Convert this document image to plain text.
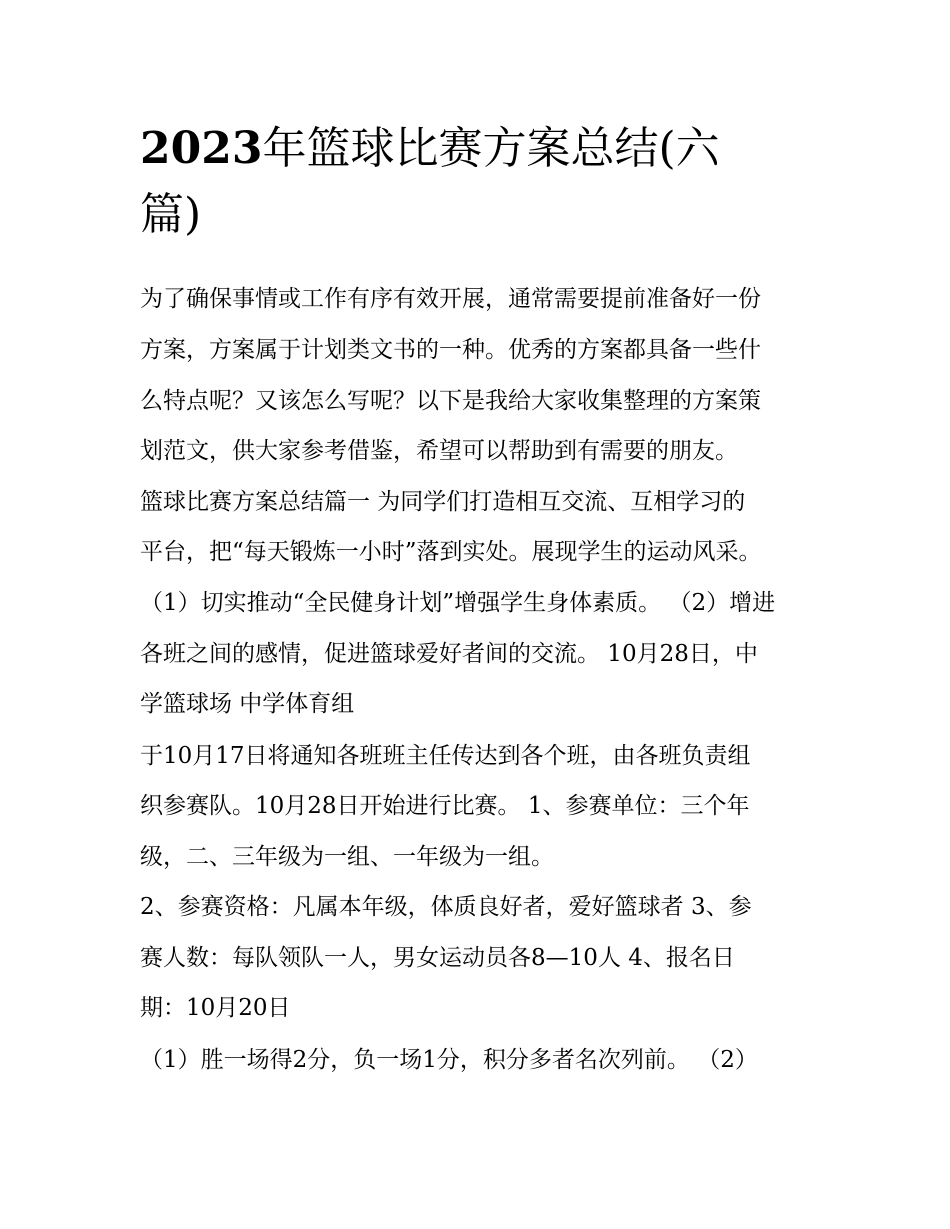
2023年篮球比赛方案总结(六
篇)

为了确保事情或工作有序有效开展，通常需要提前准备好一份

方案，方案属于计划类文书的一种。优秀的方案都具备一些什

么特点呢？又该怎么写呢？以下是我给大家收集整理的方案策

划范文，供大家参考借鉴，希望可以帮助到有需要的朋友。

篮球比赛方案总结篇一 为同学们打造相互交流、互相学习的

平台，把“每天锻炼一小时”落到实处。展现学生的运动风采。

（1）切实推动“全民健身计划”增强学生身体素质。 （2）增进

各班之间的感情，促进篮球爱好者间的交流。 10月28日，中

学篮球场 中学体育组

于10月17日将通知各班班主任传达到各个班，由各班负责组

织参赛队。10月28日开始进行比赛。 1、参赛单位：三个年

级，二、三年级为一组、一年级为一组。

2、参赛资格：凡属本年级，体质良好者，爱好篮球者 3、参

赛人数：每队领队一人，男女运动员各8—10人 4、报名日

期：10月20日

（1）胜一场得2分，负一场1分，积分多者名次列前。 （2）
